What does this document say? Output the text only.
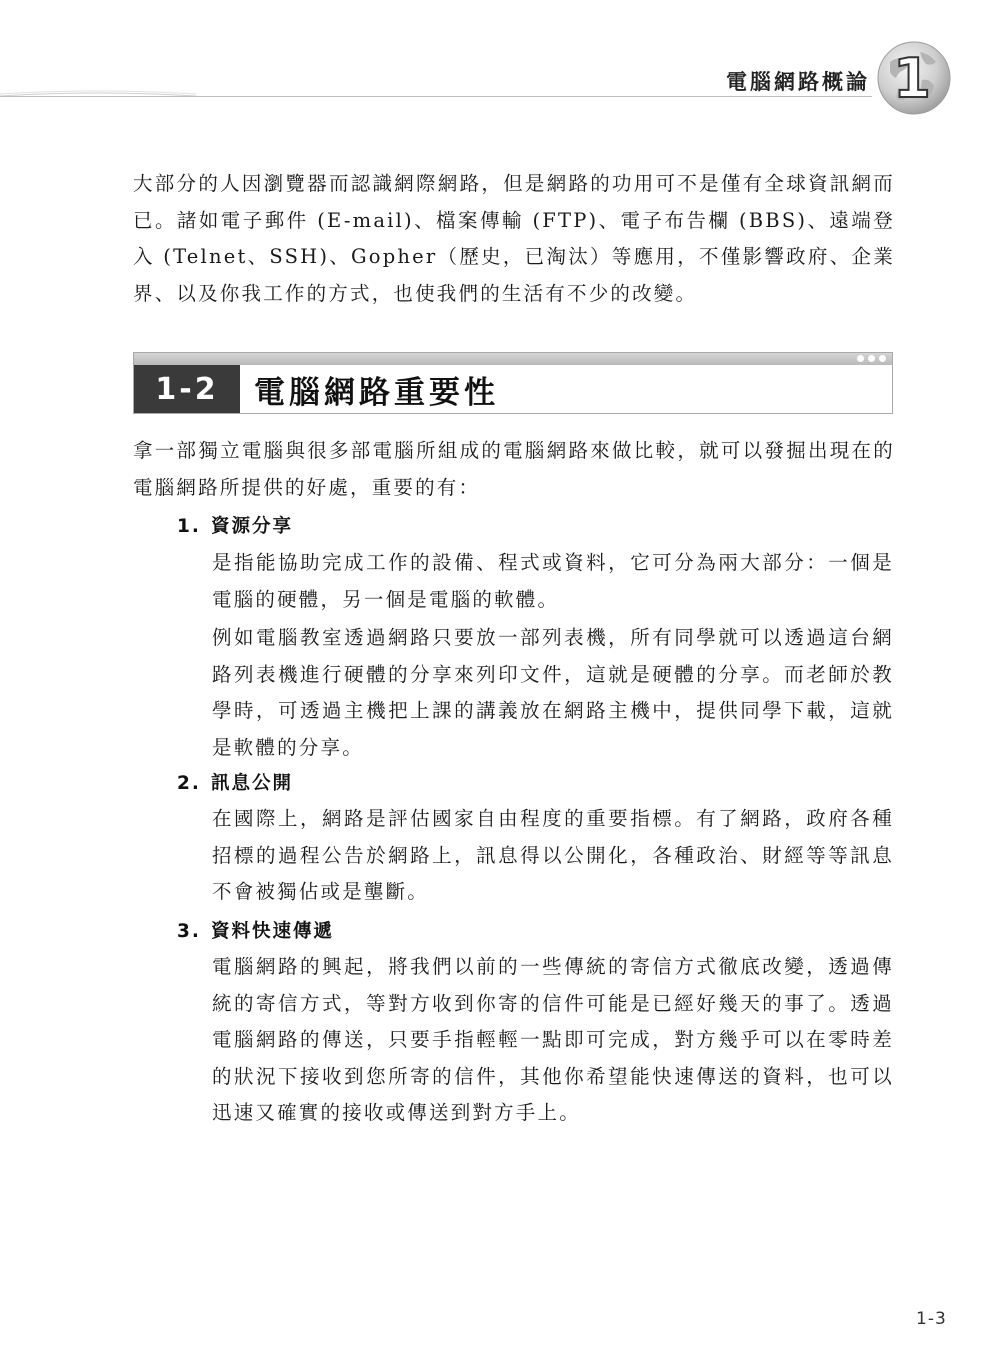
電腦網路概論 1

大部分的人因瀏覽器而認識網際網路，但是網路的功用可不是僅有全球資訊網而已。諸如電子郵件 (E-mail)、檔案傳輸 (FTP)、電子布告欄 (BBS)、遠端登入 (Telnet、SSH)、Gopher（歷史，已淘汰）等應用，不僅影響政府、企業界、以及你我工作的方式，也使我們的生活有不少的改變。

1-2	電腦網路重要性

拿一部獨立電腦與很多部電腦所組成的電腦網路來做比較，就可以發掘出現在的電腦網路所提供的好處，重要的有：

1. 資源分享

是指能協助完成工作的設備、程式或資料，它可分為兩大部分：一個是電腦的硬體，另一個是電腦的軟體。

例如電腦教室透過網路只要放一部列表機，所有同學就可以透過這台網路列表機進行硬體的分享來列印文件，這就是硬體的分享。而老師於教學時，可透過主機把上課的講義放在網路主機中，提供同學下載，這就是軟體的分享。

2. 訊息公開

在國際上，網路是評估國家自由程度的重要指標。有了網路，政府各種招標的過程公告於網路上，訊息得以公開化，各種政治、財經等等訊息不會被獨佔或是壟斷。

3. 資料快速傳遞

電腦網路的興起，將我們以前的一些傳統的寄信方式徹底改變，透過傳統的寄信方式，等對方收到你寄的信件可能是已經好幾天的事了。透過電腦網路的傳送，只要手指輕輕一點即可完成，對方幾乎可以在零時差的狀況下接收到您所寄的信件，其他你希望能快速傳送的資料，也可以迅速又確實的接收或傳送到對方手上。

1-3
